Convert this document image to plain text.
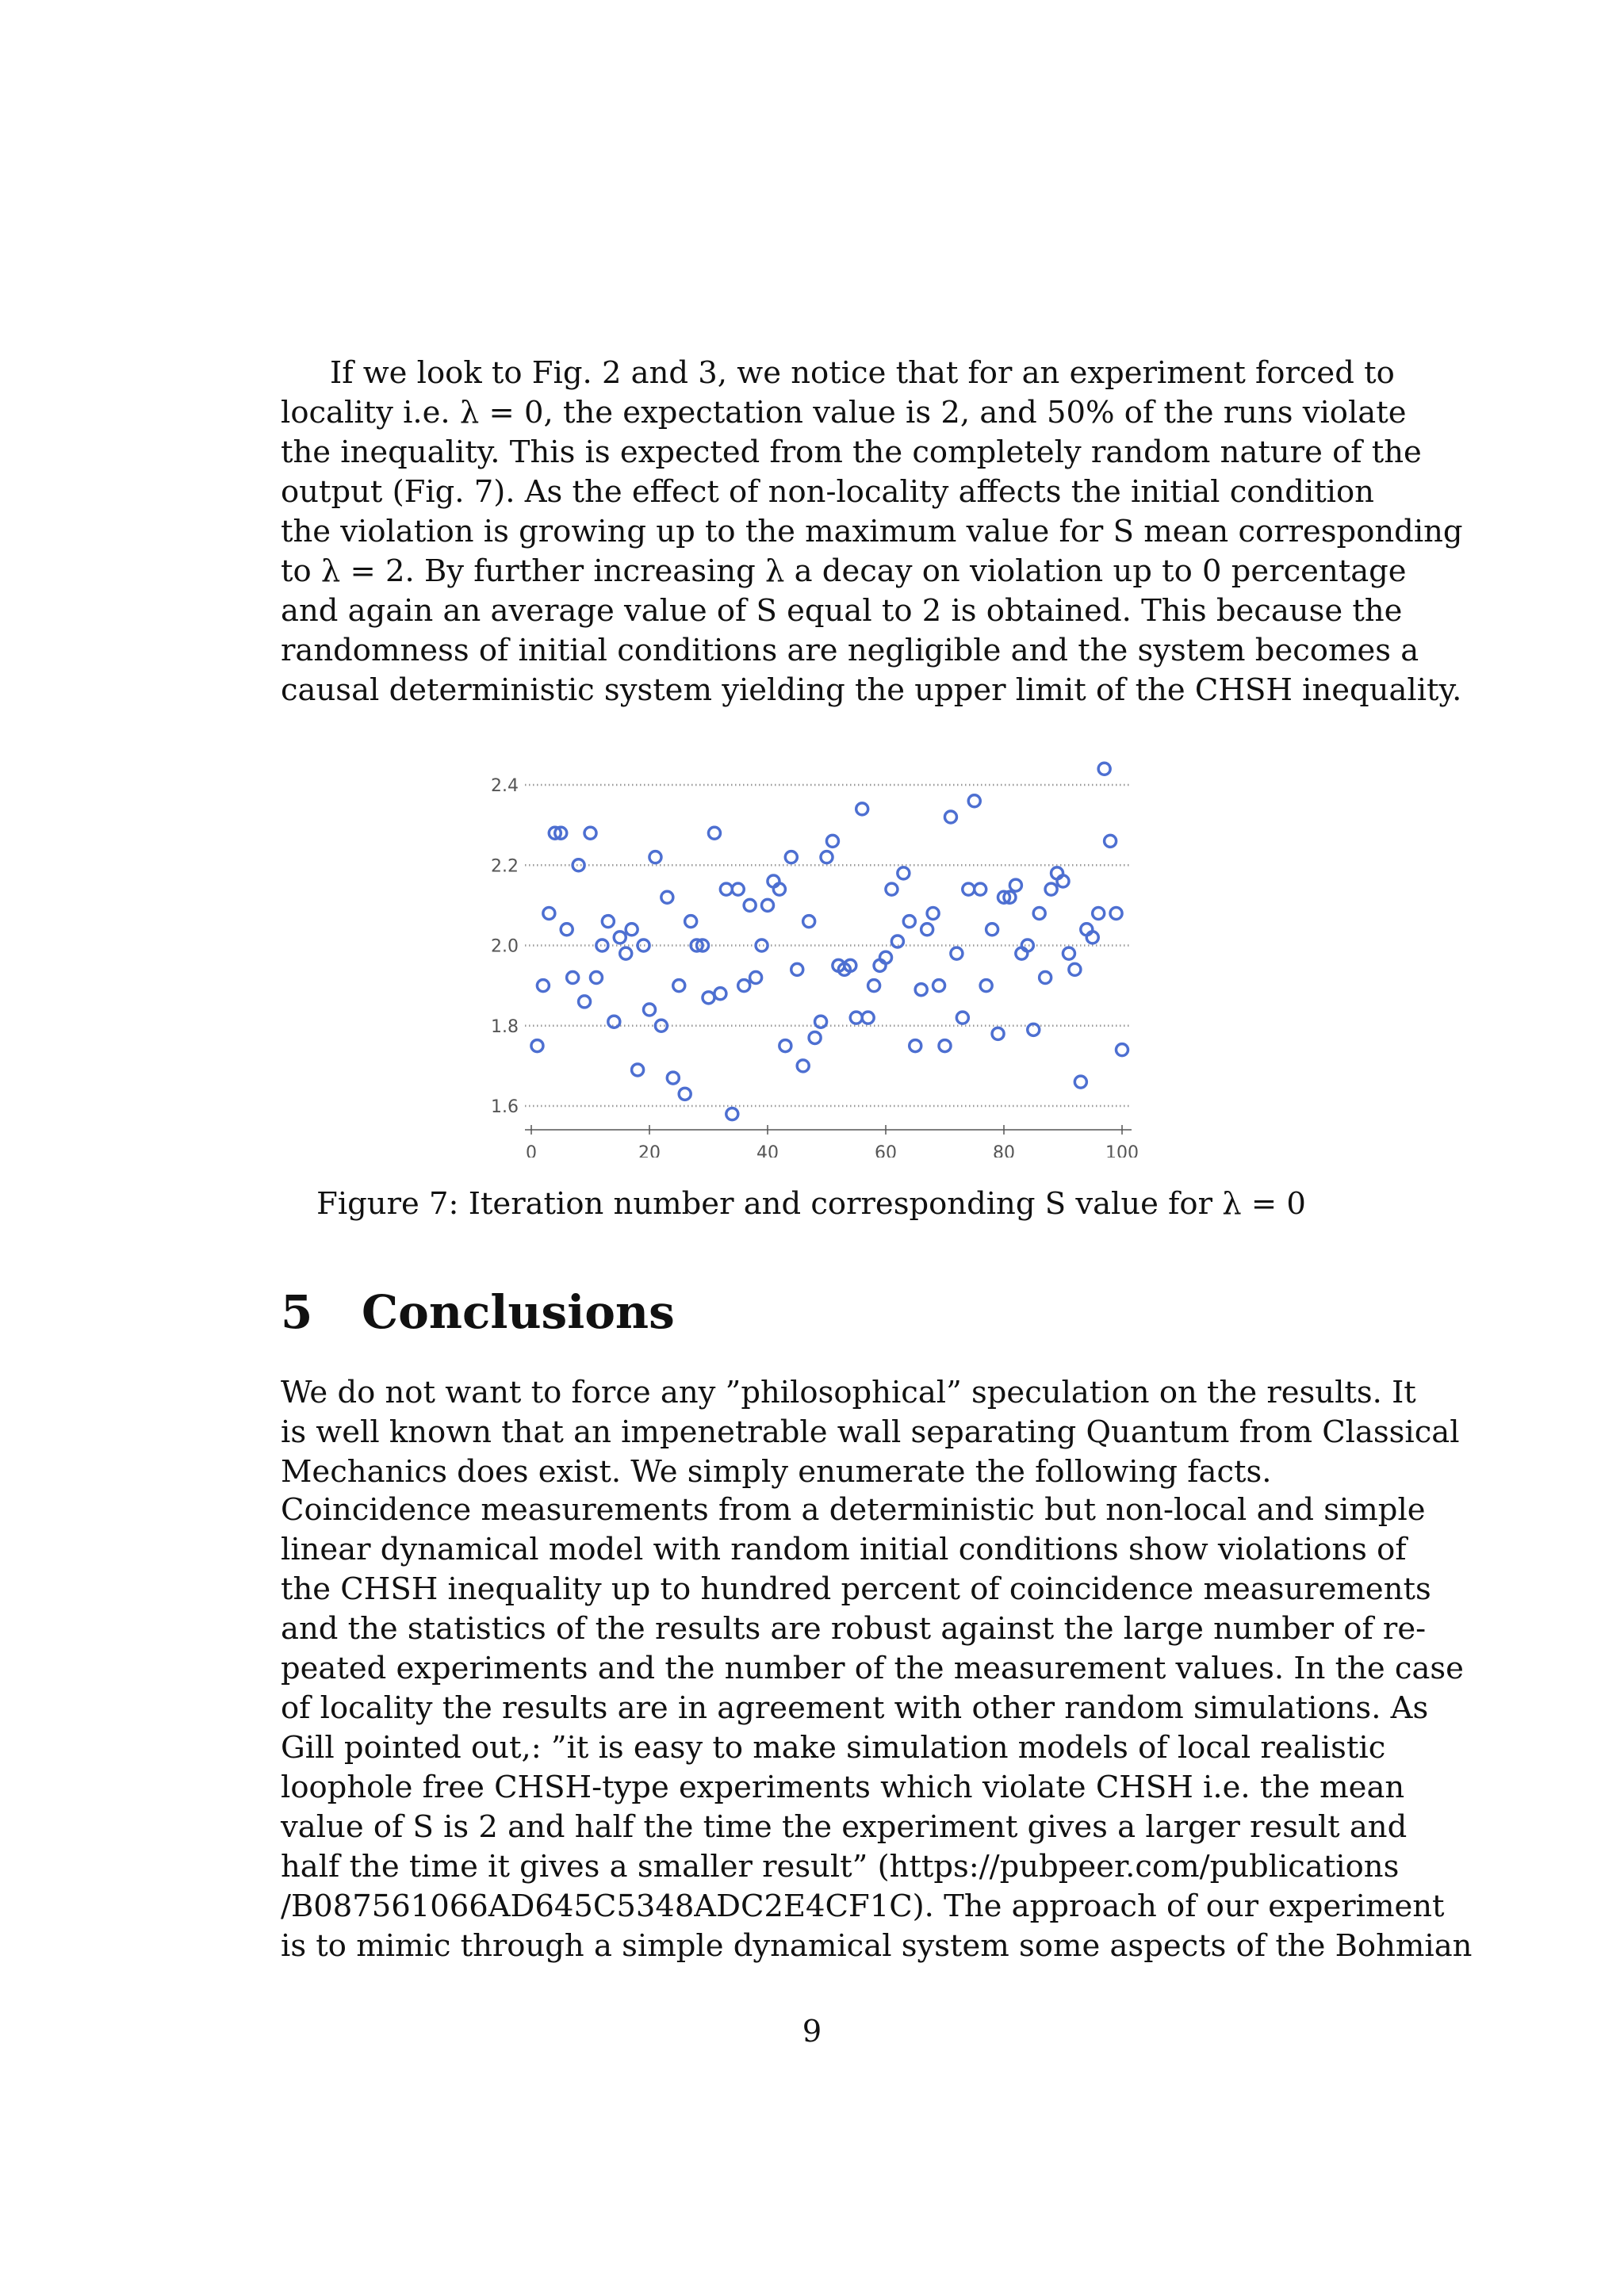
If we look to Fig. 2 and 3, we notice that for an experiment forced to
locality i.e. λ = 0, the expectation value is 2, and 50% of the runs violate
the inequality. This is expected from the completely random nature of the
output (Fig. 7). As the effect of non-locality affects the initial condition
the violation is growing up to the maximum value for S mean corresponding
to λ = 2. By further increasing λ a decay on violation up to 0 percentage
and again an average value of S equal to 2 is obtained. This because the
randomness of initial conditions are negligible and the system becomes a
causal deterministic system yielding the upper limit of the CHSH inequality.
1.6
1.8
2.0
2.2
2.4
0	20	40	60	80	100

Figure 7: Iteration number and corresponding S value for λ = 0

5 Conclusions
We do not want to force any ”philosophical” speculation on the results. It
is well known that an impenetrable wall separating Quantum from Classical
Mechanics does exist. We simply enumerate the following facts.
Coincidence measurements from a deterministic but non-local and simple
linear dynamical model with random initial conditions show violations of
the CHSH inequality up to hundred percent of coincidence measurements
and the statistics of the results are robust against the large number of re-
peated experiments and the number of the measurement values. In the case
of locality the results are in agreement with other random simulations. As
Gill pointed out,: ”it is easy to make simulation models of local realistic
loophole free CHSH-type experiments which violate CHSH i.e. the mean
value of S is 2 and half the time the experiment gives a larger result and
half the time it gives a smaller result” (https://pubpeer.com/publications
/B087561066AD645C5348ADC2E4CF1C). The approach of our experiment
is to mimic through a simple dynamical system some aspects of the Bohmian

9
